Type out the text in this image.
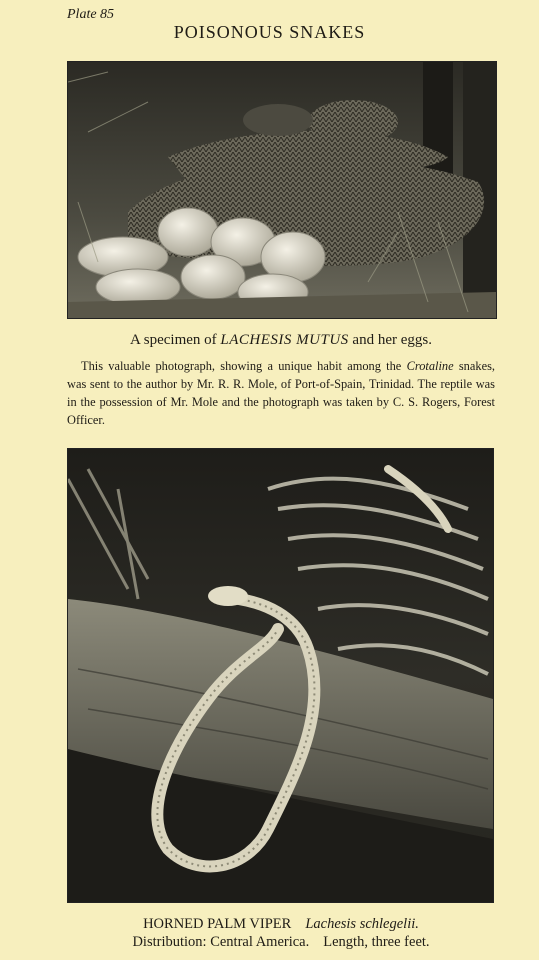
Plate 85
POISONOUS SNAKES
A specimen of LACHESIS MUTUS and her eggs.
This valuable photograph, showing a unique habit among the Crotaline snakes, was sent to the author by Mr. R. R. Mole, of Port-of-Spain, Trinidad. The reptile was in the possession of Mr. Mole and the photograph was taken by C. S. Rogers, Forest Officer.
HORNED PALM VIPER Lachesis schlegelii.
Distribution: Central America. Length, three feet.
